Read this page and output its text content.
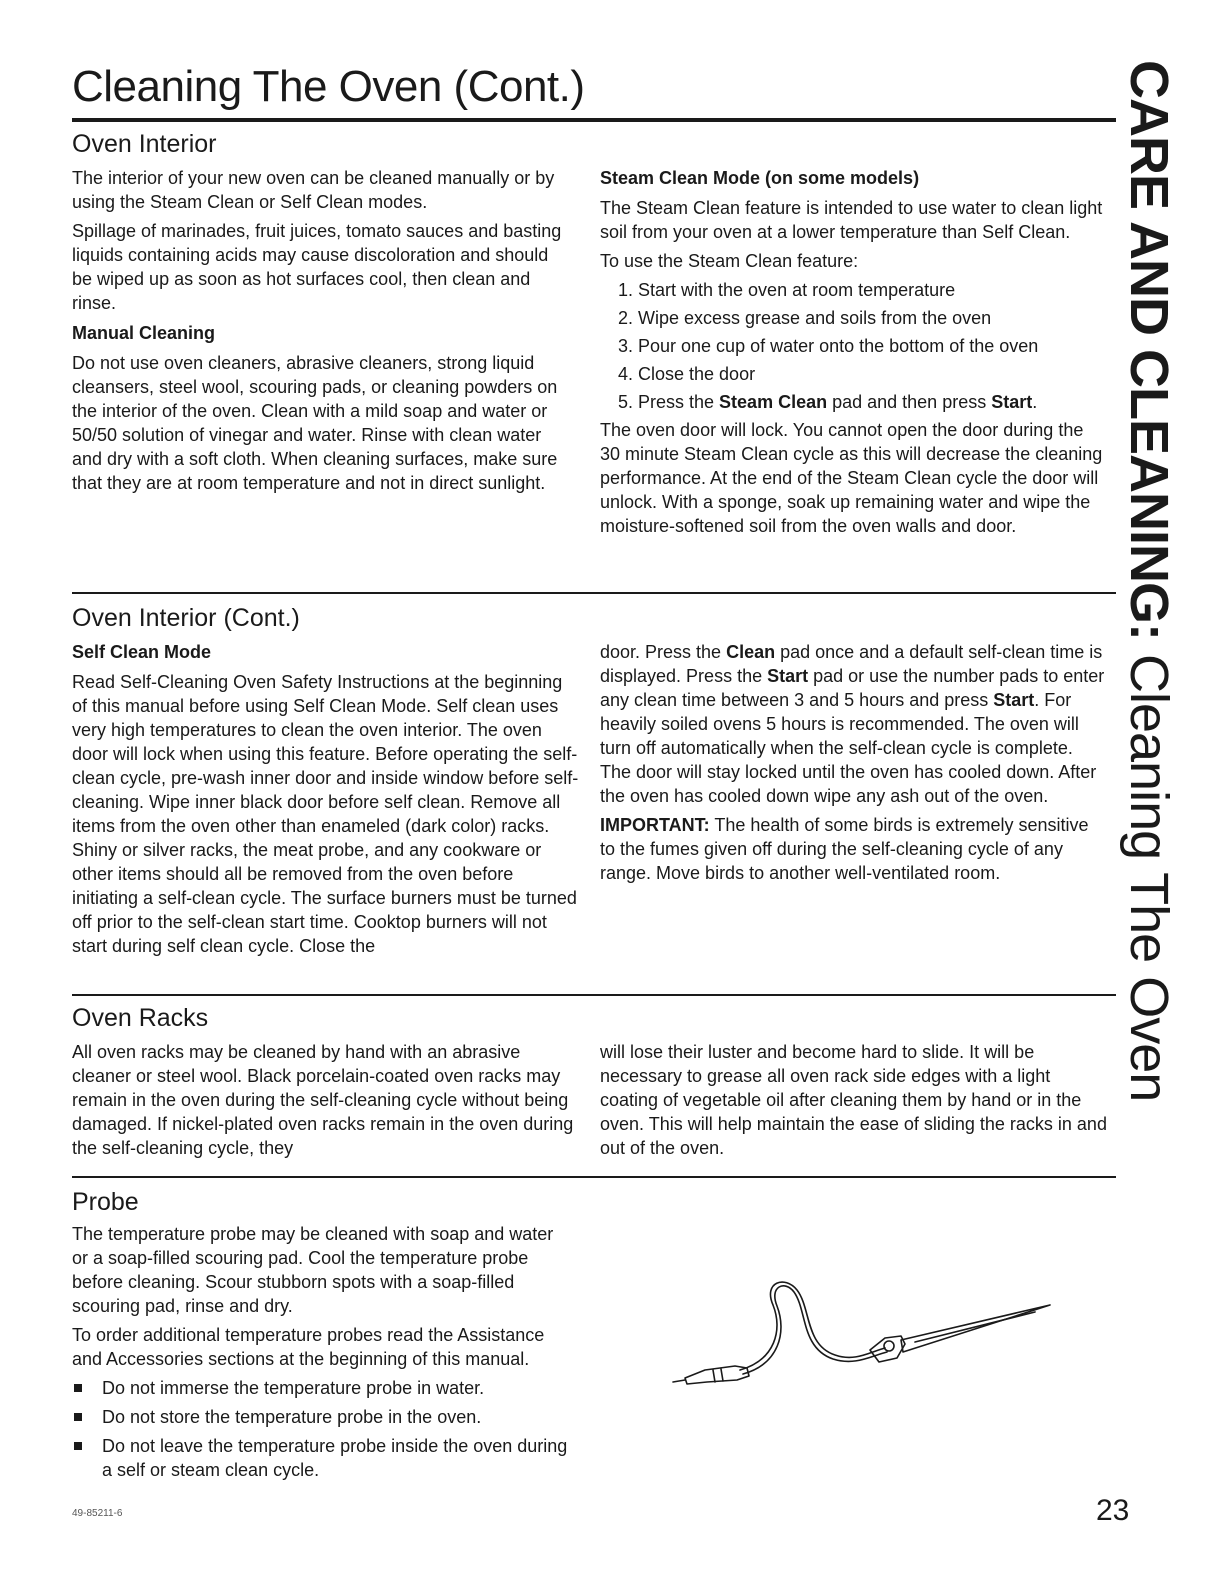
Cleaning The Oven (Cont.)	CARE AND CLEANING: Cleaning The Oven
Oven Interior

The interior of your new oven can be cleaned manually or by using the Steam Clean or Self Clean modes.

Spillage of marinades, fruit juices, tomato sauces and basting liquids containing acids may cause discoloration and should be wiped up as soon as hot surfaces cool, then clean and rinse.

Manual Cleaning

Do not use oven cleaners, abrasive cleaners, strong liquid cleansers, steel wool, scouring pads, or cleaning powders on the interior of the oven. Clean with a mild soap and water or 50/50 solution of vinegar and water. Rinse with clean water and dry with a soft cloth. When cleaning surfaces, make sure that they are at room temperature and not in direct sunlight.

Steam Clean Mode (on some models)

The Steam Clean feature is intended to use water to clean light soil from your oven at a lower temperature than Self Clean.

To use the Steam Clean feature:

1. Start with the oven at room temperature
2. Wipe excess grease and soils from the oven
3. Pour one cup of water onto the bottom of the oven
4. Close the door
5. Press the Steam Clean pad and then press Start.

The oven door will lock. You cannot open the door during the 30 minute Steam Clean cycle as this will decrease the cleaning performance. At the end of the Steam Clean cycle the door will unlock. With a sponge, soak up remaining water and wipe the moisture-softened soil from the oven walls and door.

Oven Interior (Cont.)

Self Clean Mode

Read Self-Cleaning Oven Safety Instructions at the beginning of this manual before using Self Clean Mode. Self clean uses very high temperatures to clean the oven interior. The oven door will lock when using this feature. Before operating the self-clean cycle, pre-wash inner door and inside window before self-cleaning. Wipe inner black door before self clean. Remove all items from the oven other than enameled (dark color) racks. Shiny or silver racks, the meat probe, and any cookware or other items should all be removed from the oven before initiating a self-clean cycle. The surface burners must be turned off prior to the self-clean start time. Cooktop burners will not start during self clean cycle. Close the

door. Press the Clean pad once and a default self-clean time is displayed. Press the Start pad or use the number pads to enter any clean time between 3 and 5 hours and press Start. For heavily soiled ovens 5 hours is recommended. The oven will turn off automatically when the self-clean cycle is complete. The door will stay locked until the oven has cooled down. After the oven has cooled down wipe any ash out of the oven.

IMPORTANT: The health of some birds is extremely sensitive to the fumes given off during the self-cleaning cycle of any range. Move birds to another well-ventilated room.

Oven Racks

All oven racks may be cleaned by hand with an abrasive cleaner or steel wool. Black porcelain-coated oven racks may remain in the oven during the self-cleaning cycle without being damaged. If nickel-plated oven racks remain in the oven during the self-cleaning cycle, they

will lose their luster and become hard to slide. It will be necessary to grease all oven rack side edges with a light coating of vegetable oil after cleaning them by hand or in the oven. This will help maintain the ease of sliding the racks in and out of the oven.

Probe

The temperature probe may be cleaned with soap and water or a soap-filled scouring pad. Cool the temperature probe before cleaning. Scour stubborn spots with a soap-filled scouring pad, rinse and dry.

To order additional temperature probes read the Assistance and Accessories sections at the beginning of this manual.

Do not immerse the temperature probe in water.
Do not store the temperature probe in the oven.
Do not leave the temperature probe inside the oven during a self or steam clean cycle.
49-85211-6	23
